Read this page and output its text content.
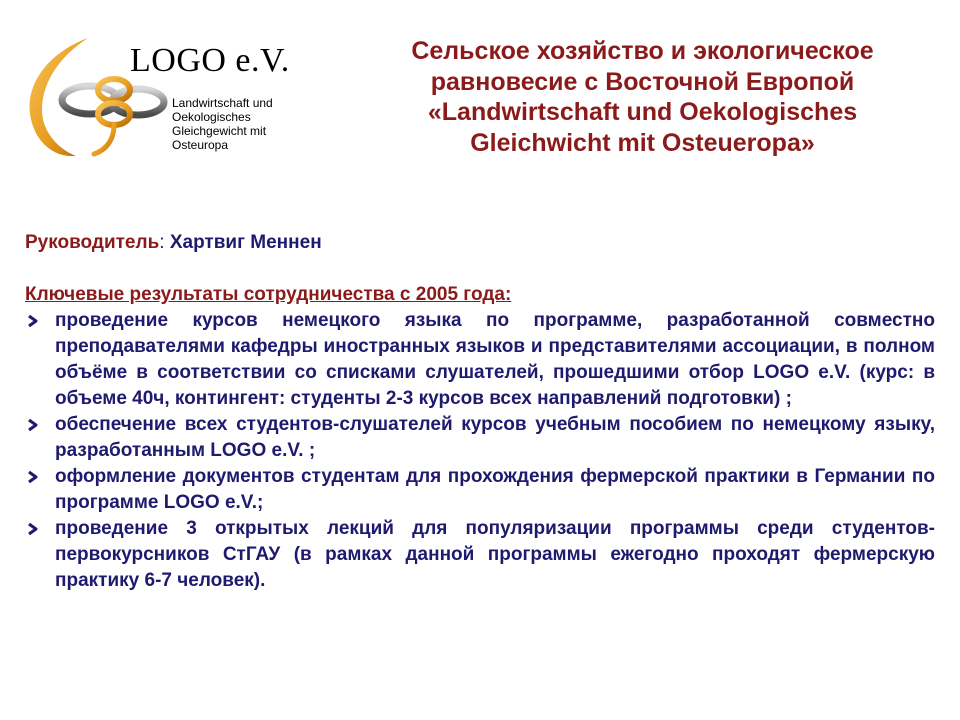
LOGO e.V.
Landwirtschaft und
Oekologisches
Gleichgewicht mit
Osteuropa
Сельское хозяйство и экологическое
равновесие с Восточной Европой
«Landwirtschaft und Oekologisches
Gleichwicht mit Osteuеropa»

Руководитель: Хартвиг Меннен

Ключевые результаты сотрудничества с 2005 года:
проведение курсов немецкого языка по программе, разработанной совместно преподавателями кафедры иностранных языков и представителями ассоциации, в полном объёме в соответствии со списками слушателей, прошедшими отбор LOGO e.V. (курс: в объеме 40ч, контингент: студенты 2-3 курсов всех направлений подготовки) ;
обеспечение всех студентов-слушателей курсов учебным пособием по немецкому языку, разработанным LOGO e.V. ;
оформление документов студентам для прохождения фермерской практики в Германии по программе LOGO e.V.;
проведение 3 открытых лекций для популяризации программы среди студентов-первокурсников СтГАУ (в рамках данной программы ежегодно проходят фермерскую практику 6-7 человек).
